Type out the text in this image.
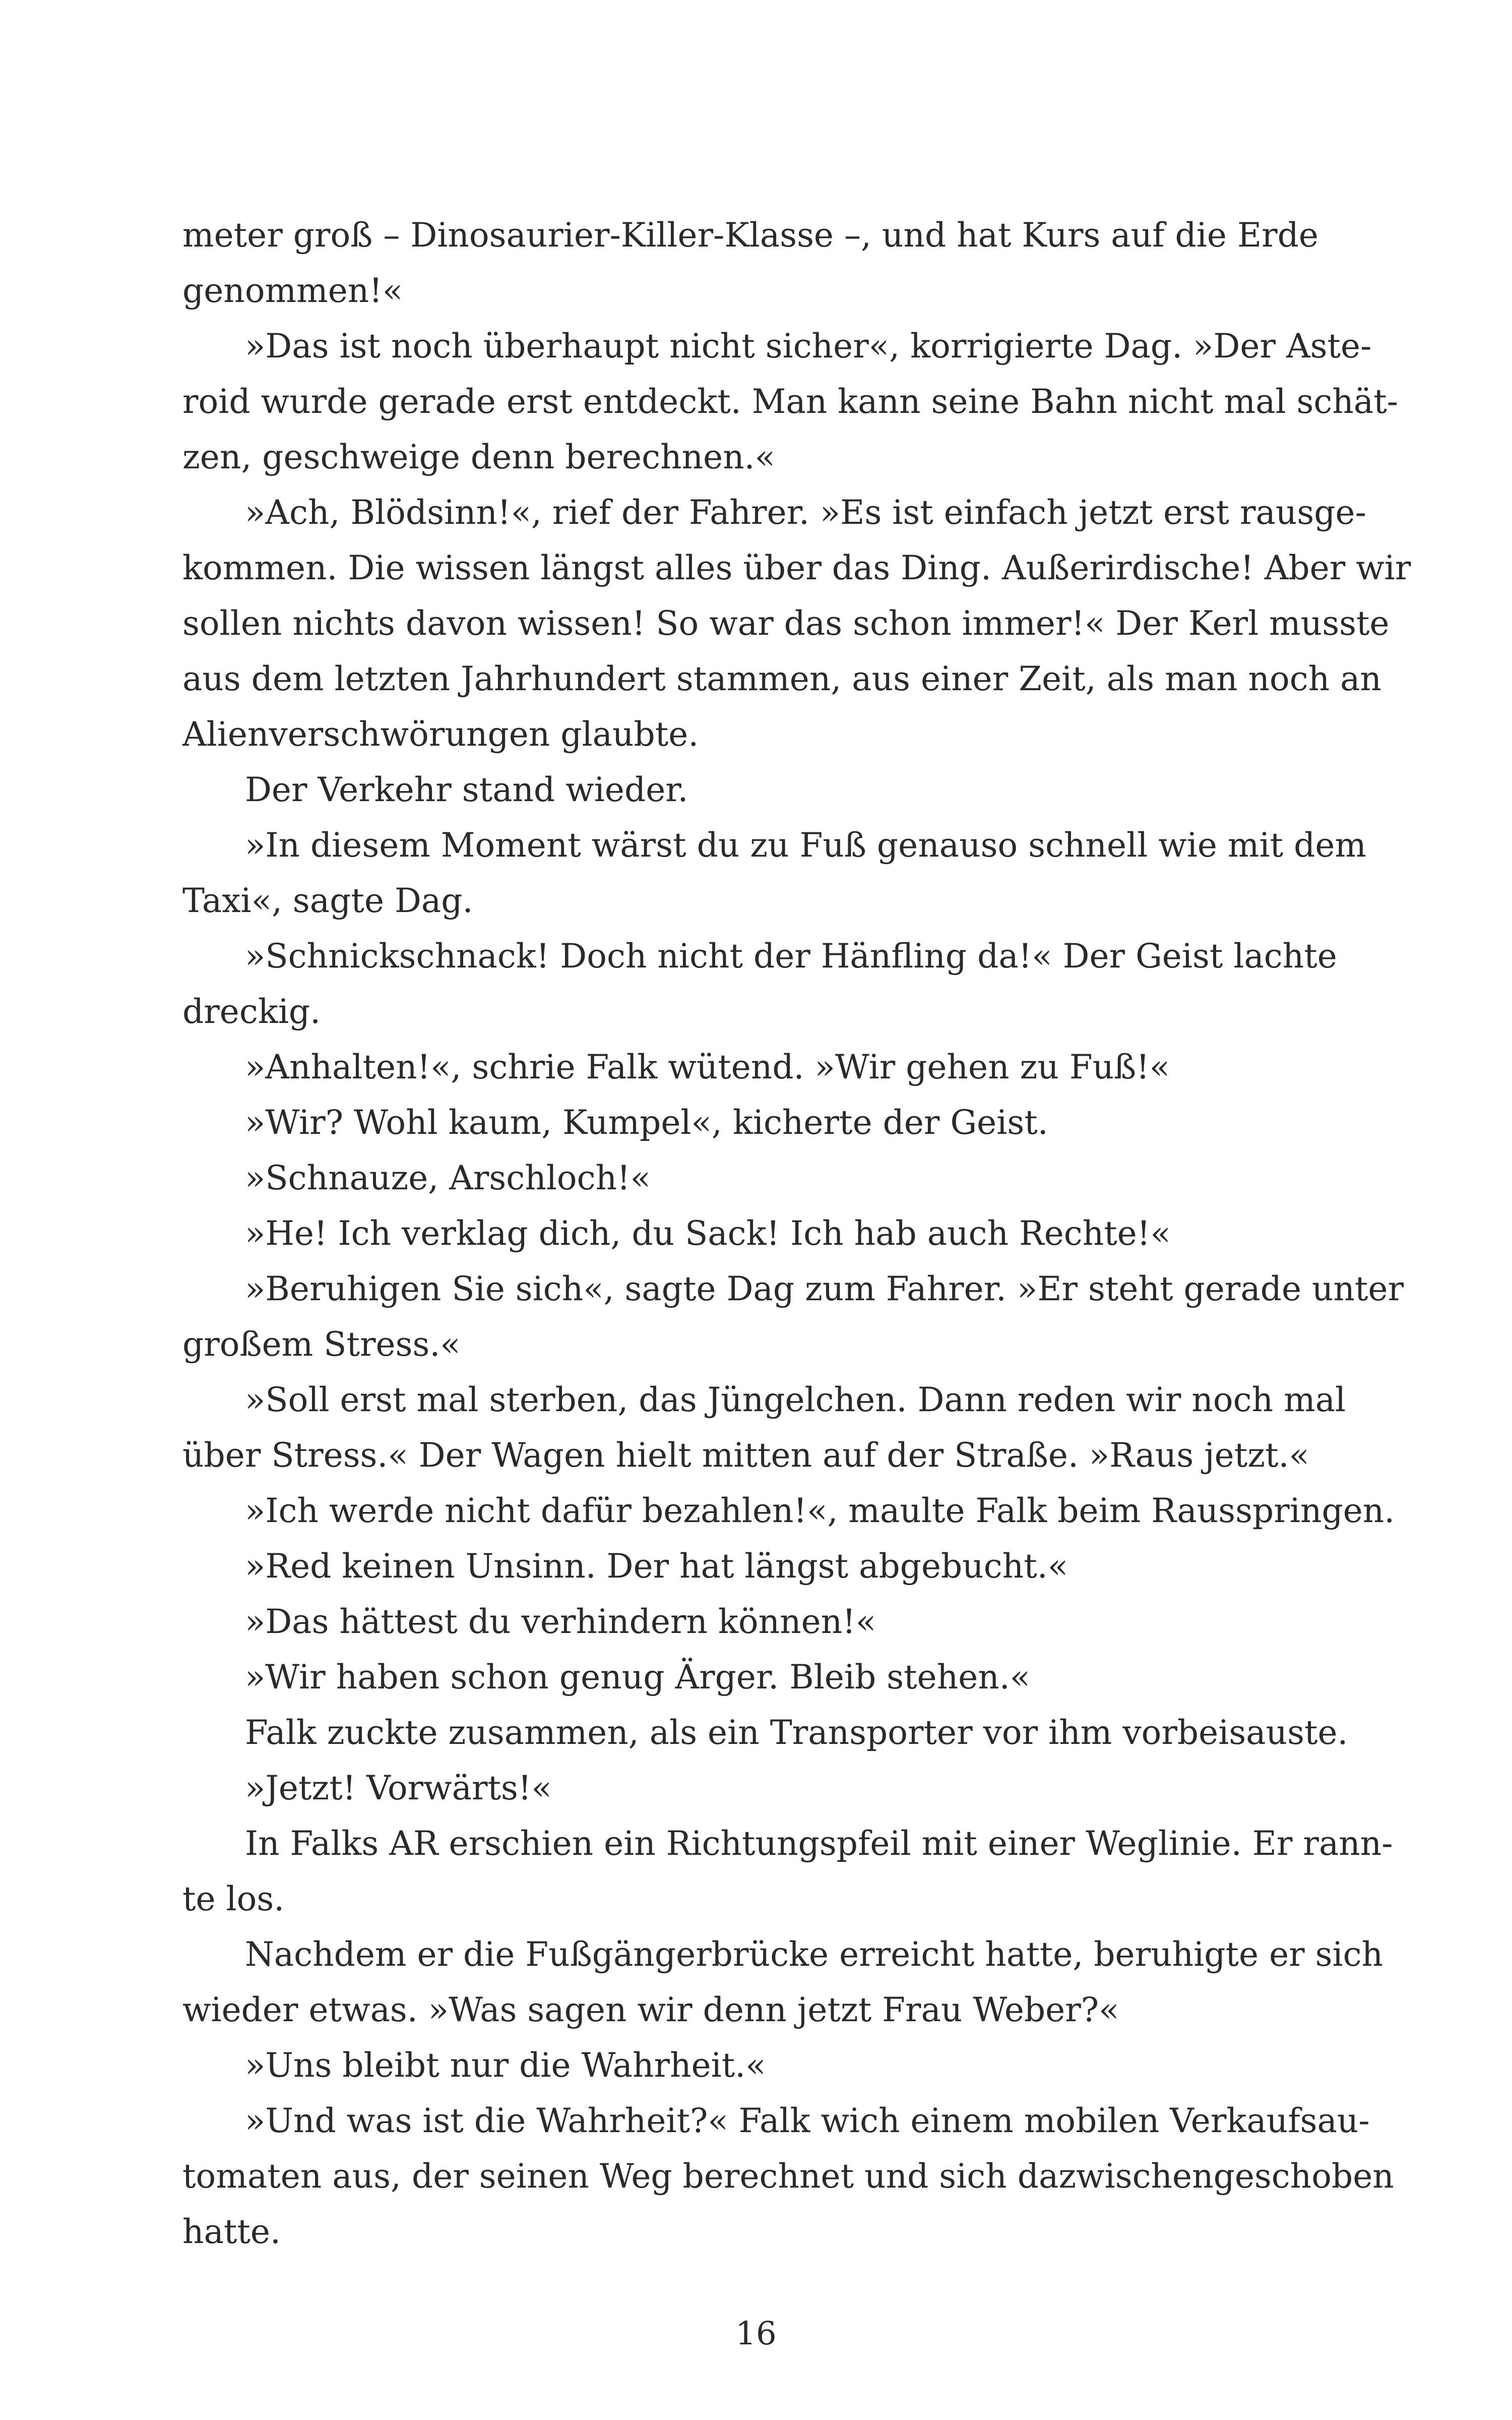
meter groß – Dinosaurier-Killer-Klasse –, und hat Kurs auf die Erde
genommen!«
»Das ist noch überhaupt nicht sicher«, korrigierte Dag. »Der Aste-
roid wurde gerade erst entdeckt. Man kann seine Bahn nicht mal schät-
zen, geschweige denn berechnen.«
»Ach, Blödsinn!«, rief der Fahrer. »Es ist einfach jetzt erst rausge-
kommen. Die wissen längst alles über das Ding. Außerirdische! Aber wir
sollen nichts davon wissen! So war das schon immer!« Der Kerl musste
aus dem letzten Jahrhundert stammen, aus einer Zeit, als man noch an
Alienverschwörungen glaubte.
Der Verkehr stand wieder.
»In diesem Moment wärst du zu Fuß genauso schnell wie mit dem
Taxi«, sagte Dag.
»Schnickschnack! Doch nicht der Hänfling da!« Der Geist lachte
dreckig.
»Anhalten!«, schrie Falk wütend. »Wir gehen zu Fuß!«
»Wir? Wohl kaum, Kumpel«, kicherte der Geist.
»Schnauze, Arschloch!«
»He! Ich verklag dich, du Sack! Ich hab auch Rechte!«
»Beruhigen Sie sich«, sagte Dag zum Fahrer. »Er steht gerade unter
großem Stress.«
»Soll erst mal sterben, das Jüngelchen. Dann reden wir noch mal
über Stress.« Der Wagen hielt mitten auf der Straße. »Raus jetzt.«
»Ich werde nicht dafür bezahlen!«, maulte Falk beim Rausspringen.
»Red keinen Unsinn. Der hat längst abgebucht.«
»Das hättest du verhindern können!«
»Wir haben schon genug Ärger. Bleib stehen.«
Falk zuckte zusammen, als ein Transporter vor ihm vorbeisauste.
»Jetzt! Vorwärts!«
In Falks AR erschien ein Richtungspfeil mit einer Weglinie. Er rann-
te los.
Nachdem er die Fußgängerbrücke erreicht hatte, beruhigte er sich
wieder etwas. »Was sagen wir denn jetzt Frau Weber?«
»Uns bleibt nur die Wahrheit.«
»Und was ist die Wahrheit?« Falk wich einem mobilen Verkaufsau-
tomaten aus, der seinen Weg berechnet und sich dazwischengeschoben
hatte.
16
